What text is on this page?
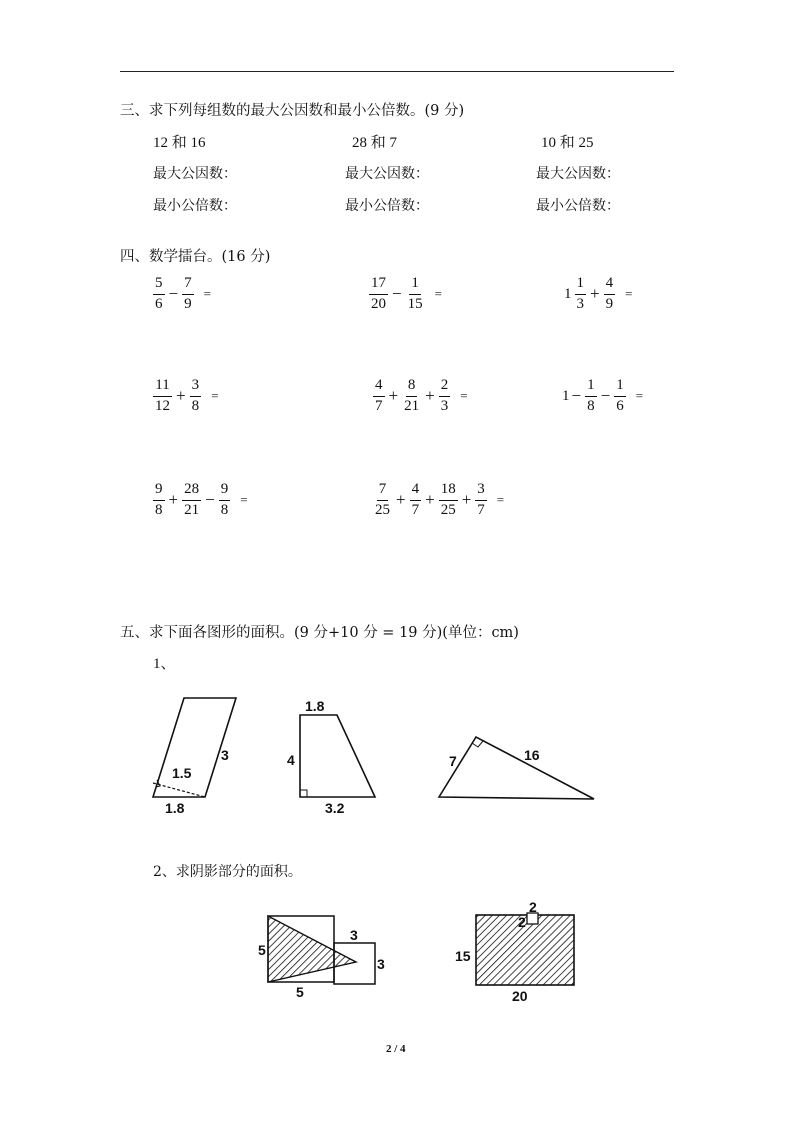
三、求下列每组数的最大公因数和最小公倍数。(9 分)
12 和 16	28 和 7	10 和 25
最大公因数：	最大公因数：	最大公因数：
最小公倍数：	最小公倍数：	最小公倍数：
四、数学擂台。(16 分)
$\frac{5}{6} - \frac{7}{9}$ =	$\frac{17}{20} - \frac{1}{15}$ =	$1 \frac{1}{3} + \frac{4}{9}$ =
$\frac{11}{12} + \frac{3}{8}$ =	$\frac{4}{7} + \frac{8}{21} + \frac{2}{3}$ =	$1 - \frac{1}{8} - \frac{1}{6}$ =
$\frac{9}{8} + \frac{28}{21} - \frac{9}{8}$ =	$\frac{7}{25} + \frac{4}{7} + \frac{18}{25} + \frac{3}{7}$ =
五、求下面各图形的面积。(9 分+10 分 = 19 分)(单位：cm)
1、
3
1.5
1.8
1.8
4
3.2
7	16
5
5
3
3
2
2
15
20
2、求阴影部分的面积。
2 / 4
